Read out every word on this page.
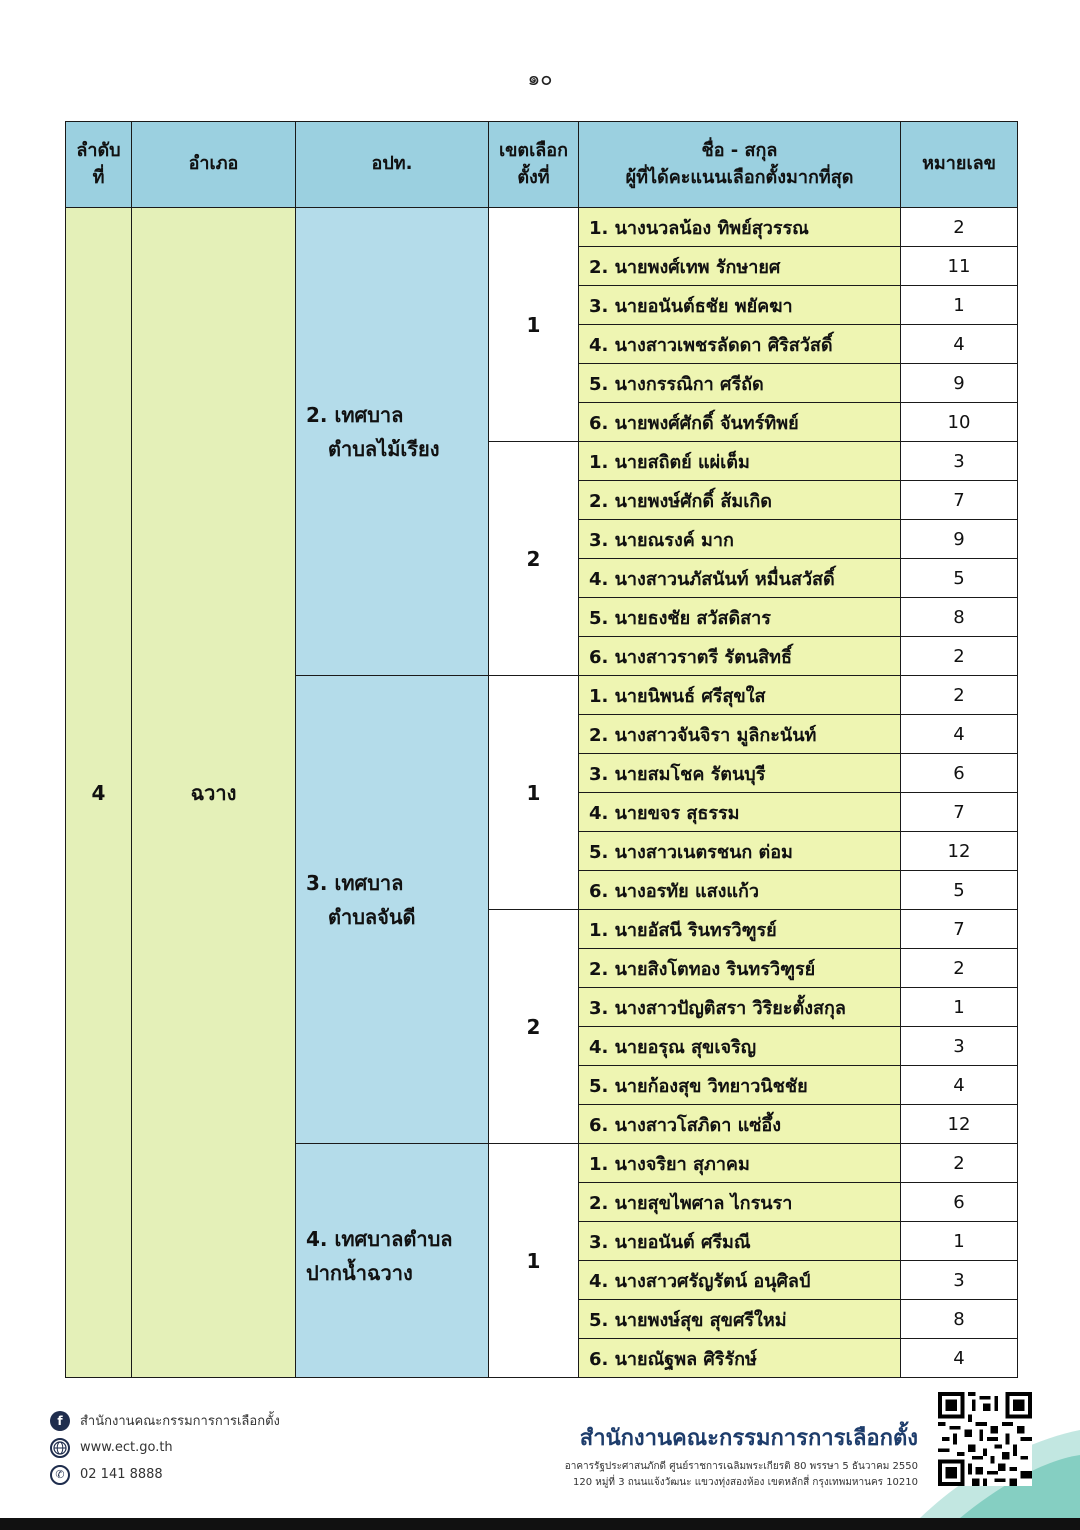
๑๐
ลำดับที่	อำเภอ	อปท.	เขตเลือกตั้งที่	ชื่อ - สกุล
ผู้ที่ได้คะแนนเลือกตั้งมากที่สุด	หมายเลข
4	ฉวาง	2. เทศบาล
ตำบลไม้เรียง	1	1. นางนวลน้อง ทิพย์สุวรรณ	2
				2. นายพงศ์เทพ รักษายศ	11
				3. นายอนันต์ธชัย พยัคฆา	1
				4. นางสาวเพชรลัดดา ศิริสวัสดิ์	4
				5. นางกรรณิกา ศรีถัด	9
				6. นายพงศ์ศักดิ์ จันทร์ทิพย์	10
			2	1. นายสถิตย์ แผ่เต็ม	3
				2. นายพงษ์ศักดิ์ ส้มเกิด	7
				3. นายณรงค์ มาก	9
				4. นางสาวนภัสนันท์ หมื่นสวัสดิ์	5
				5. นายธงชัย สวัสดิสาร	8
				6. นางสาวราตรี รัตนสิทธิ์	2

		3. เทศบาล
ตำบลจันดี	1	1. นายนิพนธ์ ศรีสุขใส	2
				2. นางสาวจันจิรา มูลิกะนันท์	4
				3. นายสมโชค รัตนบุรี	6
				4. นายขจร สุธรรม	7
				5. นางสาวเนตรชนก ต่อม	12
				6. นางอรทัย แสงแก้ว	5
			2	1. นายอัสนี รินทรวิฑูรย์	7
				2. นายสิงโตทอง รินทรวิฑูรย์	2
				3. นางสาวปัญติสรา วิริยะตั้งสกุล	1
				4. นายอรุณ สุขเจริญ	3
				5. นายก้องสุข วิทยาวนิชชัย	4
				6. นางสาวโสภิดา แซ่อึ้ง	12

		4. เทศบาลตำบล
ปากน้ำฉวาง	1	1. นางจริยา สุภาคม	2
				2. นายสุขไพศาล ไกรนรา	6
				3. นายอนันต์ ศรีมณี	1
				4. นางสาวศรัญรัตน์ อนุศิลป์	3
				5. นายพงษ์สุข สุขศรีใหม่	8
				6. นายณัฐพล ศิริรักษ์	4
f	สำนักงานคณะกรรมการการเลือกตั้ง
www.ect.go.th
✆	02 141 8888
สำนักงานคณะกรรมการการเลือกตั้ง
อาคารรัฐประศาสนภักดี ศูนย์ราชการเฉลิมพระเกียรติ 80 พรรษา 5 ธันวาคม 2550
120 หมู่ที่ 3 ถนนแจ้งวัฒนะ แขวงทุ่งสองห้อง เขตหลักสี่ กรุงเทพมหานคร 10210
